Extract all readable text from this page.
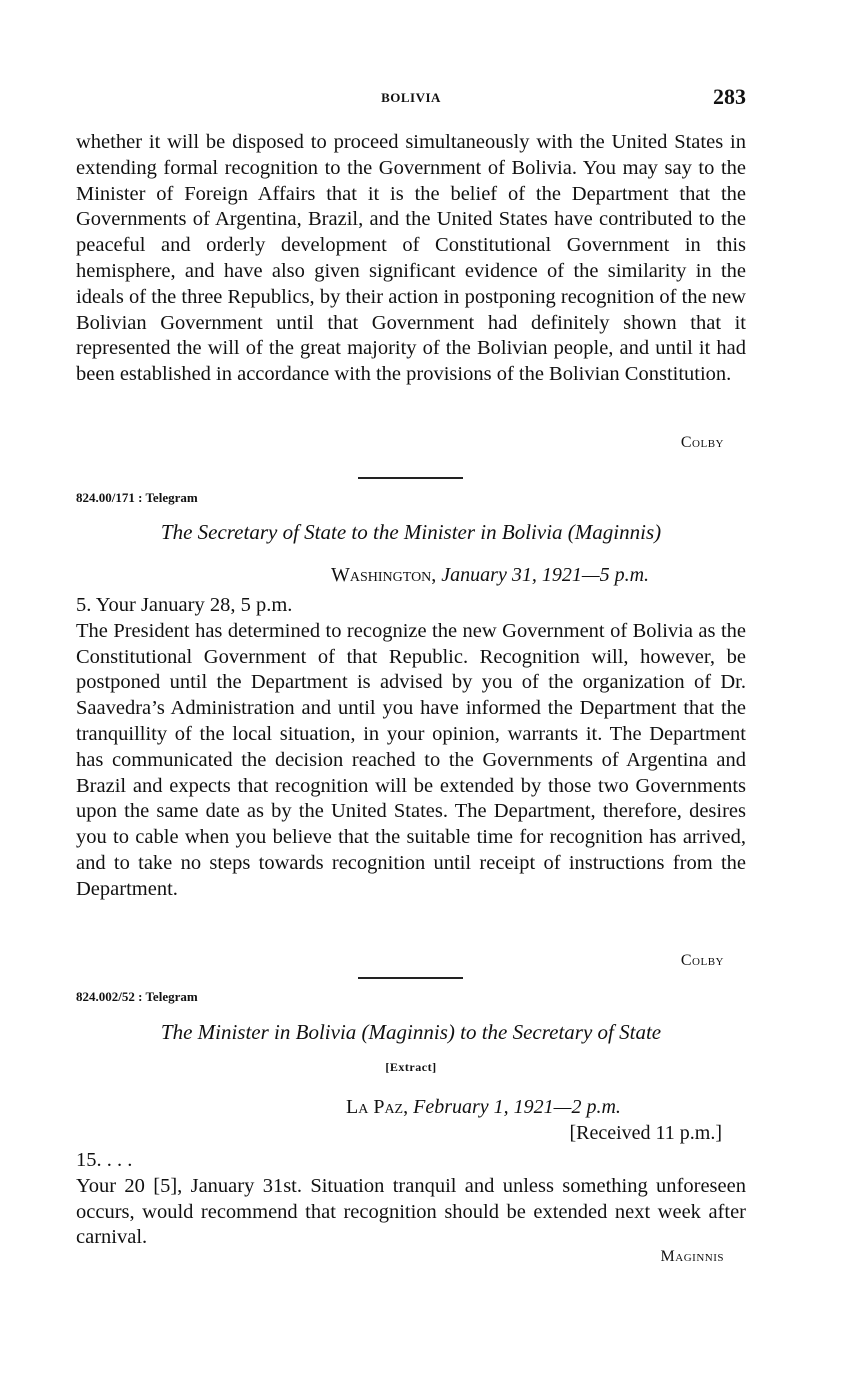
BOLIVIA	283

whether it will be disposed to proceed simultaneously with the United States in extending formal recognition to the Government of Bolivia. You may say to the Minister of Foreign Affairs that it is the belief of the Department that the Governments of Argentina, Brazil, and the United States have contributed to the peaceful and orderly development of Constitutional Government in this hemisphere, and have also given significant evidence of the similarity in the ideals of the three Republics, by their action in postponing recognition of the new Bolivian Government until that Government had definitely shown that it represented the will of the great majority of the Bolivian people, and until it had been established in accordance with the provisions of the Bolivian Constitution.

Colby
824.00/171 : Telegram
The Secretary of State to the Minister in Bolivia (Maginnis)
Washington, January 31, 1921—5 p.m.

5. Your January 28, 5 p.m.

The President has determined to recognize the new Government of Bolivia as the Constitutional Government of that Republic. Recognition will, however, be postponed until the Department is advised by you of the organization of Dr. Saavedra’s Administration and until you have informed the Department that the tranquillity of the local situation, in your opinion, warrants it. The Department has communicated the decision reached to the Governments of Argentina and Brazil and expects that recognition will be extended by those two Governments upon the same date as by the United States. The Department, therefore, desires you to cable when you believe that the suitable time for recognition has arrived, and to take no steps towards recognition until receipt of instructions from the Department.

Colby
824.002/52 : Telegram
The Minister in Bolivia (Maginnis) to the Secretary of State
[Extract]
La Paz, February 1, 1921—2 p.m.
[Received 11 p.m.]

15. . . .

Your 20 [5], January 31st. Situation tranquil and unless something unforeseen occurs, would recommend that recognition should be extended next week after carnival.

Maginnis
